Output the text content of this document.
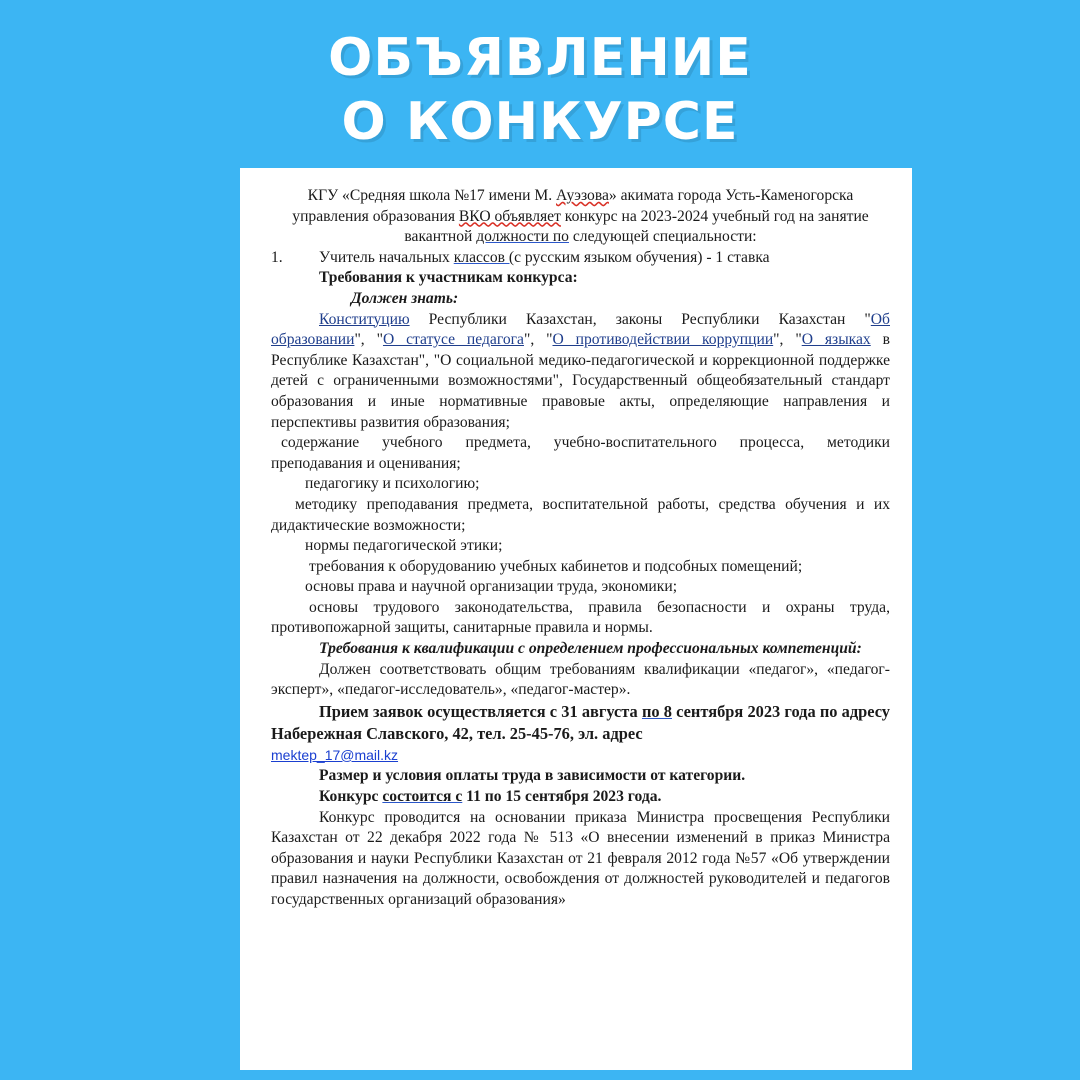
ОБЪЯВЛЕНИЕ
О КОНКУРСЕ

КГУ «Средняя школа №17 имени М. Ауэзова» акимата города Усть-Каменогорска управления образования ВКО объявляет конкурс на 2023-2024 учебный год на занятие вакантной должности по следующей специальности:

1.	Учитель начальных классов (с русским языком обучения) - 1 ставка

Требования к участникам конкурса:

Должен знать:

Конституцию Республики Казахстан, законы Республики Казахстан "Об образовании", "О статусе педагога", "О противодействии коррупции", "О языках в Республике Казахстан", "О социальной медико-педагогической и коррекционной поддержке детей с ограниченными возможностями", Государственный общеобязательный стандарт образования и иные нормативные правовые акты, определяющие направления и перспективы развития образования;

содержание учебного предмета, учебно-воспитательного процесса, методики преподавания и оценивания;

педагогику и психологию;

методику преподавания предмета, воспитательной работы, средства обучения и их дидактические возможности;

нормы педагогической этики;

требования к оборудованию учебных кабинетов и подсобных помещений;

основы права и научной организации труда, экономики;

основы трудового законодательства, правила безопасности и охраны труда, противопожарной защиты, санитарные правила и нормы.

Требования к квалификации с определением профессиональных компетенций:

Должен соответствовать общим требованиям квалификации «педагог», «педагог-эксперт», «педагог-исследователь», «педагог-мастер».

Прием заявок осуществляется с 31 августа по 8 сентября 2023 года по адресу Набережная Славского, 42, тел. 25-45-76, эл. адрес

mektep_17@mail.kz

Размер и условия оплаты труда в зависимости от категории.

Конкурс состоится с 11 по 15 сентября 2023 года.

Конкурс проводится на основании приказа Министра просвещения Республики Казахстан от 22 декабря 2022 года № 513 «О внесении изменений в приказ Министра образования и науки Республики Казахстан от 21 февраля 2012 года №57 «Об утверждении правил назначения на должности, освобождения от должностей руководителей и педагогов государственных организаций образования»
